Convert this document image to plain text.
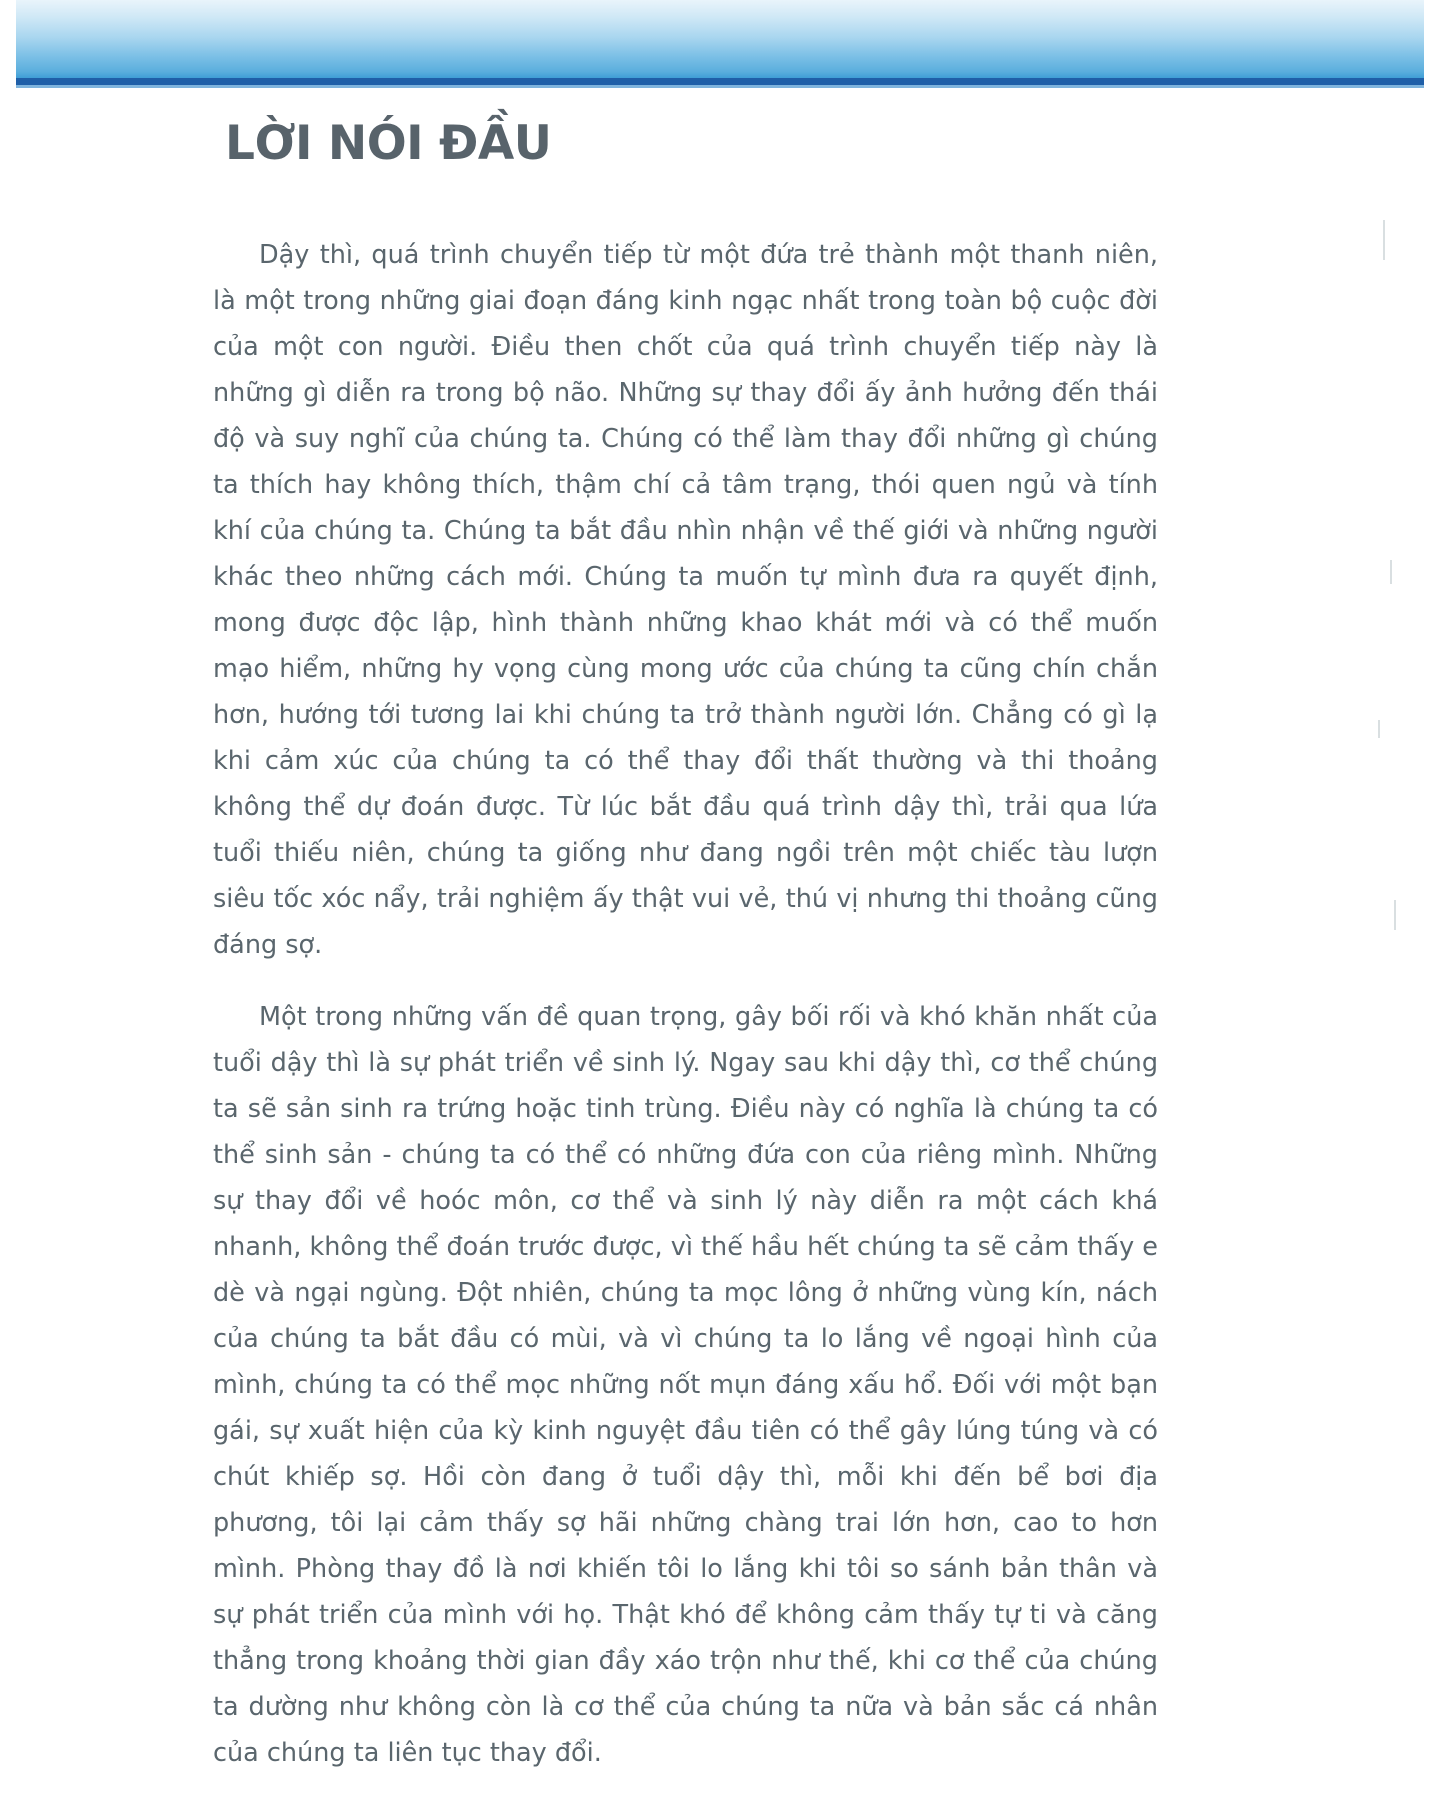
LỜI NÓI ĐẦU

Dậy thì, quá trình chuyển tiếp từ một đứa trẻ thành một thanh niên, là một trong những giai đoạn đáng kinh ngạc nhất trong toàn bộ cuộc đời của một con người. Điều then chốt của quá trình chuyển tiếp này là những gì diễn ra trong bộ não. Những sự thay đổi ấy ảnh hưởng đến thái độ và suy nghĩ của chúng ta. Chúng có thể làm thay đổi những gì chúng ta thích hay không thích, thậm chí cả tâm trạng, thói quen ngủ và tính khí của chúng ta. Chúng ta bắt đầu nhìn nhận về thế giới và những người khác theo những cách mới. Chúng ta muốn tự mình đưa ra quyết định, mong được độc lập, hình thành những khao khát mới và có thể muốn mạo hiểm, những hy vọng cùng mong ước của chúng ta cũng chín chắn hơn, hướng tới tương lai khi chúng ta trở thành người lớn. Chẳng có gì lạ khi cảm xúc của chúng ta có thể thay đổi thất thường và thi thoảng không thể dự đoán được. Từ lúc bắt đầu quá trình dậy thì, trải qua lứa tuổi thiếu niên, chúng ta giống như đang ngồi trên một chiếc tàu lượn siêu tốc xóc nẩy, trải nghiệm ấy thật vui vẻ, thú vị nhưng thi thoảng cũng đáng sợ.

Một trong những vấn đề quan trọng, gây bối rối và khó khăn nhất của tuổi dậy thì là sự phát triển về sinh lý. Ngay sau khi dậy thì, cơ thể chúng ta sẽ sản sinh ra trứng hoặc tinh trùng. Điều này có nghĩa là chúng ta có thể sinh sản - chúng ta có thể có những đứa con của riêng mình. Những sự thay đổi về hoóc môn, cơ thể và sinh lý này diễn ra một cách khá nhanh, không thể đoán trước được, vì thế hầu hết chúng ta sẽ cảm thấy e dè và ngại ngùng. Đột nhiên, chúng ta mọc lông ở những vùng kín, nách của chúng ta bắt đầu có mùi, và vì chúng ta lo lắng về ngoại hình của mình, chúng ta có thể mọc những nốt mụn đáng xấu hổ. Đối với một bạn gái, sự xuất hiện của kỳ kinh nguyệt đầu tiên có thể gây lúng túng và có chút khiếp sợ. Hồi còn đang ở tuổi dậy thì, mỗi khi đến bể bơi địa phương, tôi lại cảm thấy sợ hãi những chàng trai lớn hơn, cao to hơn mình. Phòng thay đồ là nơi khiến tôi lo lắng khi tôi so sánh bản thân và sự phát triển của mình với họ. Thật khó để không cảm thấy tự ti và căng thẳng trong khoảng thời gian đầy xáo trộn như thế, khi cơ thể của chúng ta dường như không còn là cơ thể của chúng ta nữa và bản sắc cá nhân của chúng ta liên tục thay đổi.
